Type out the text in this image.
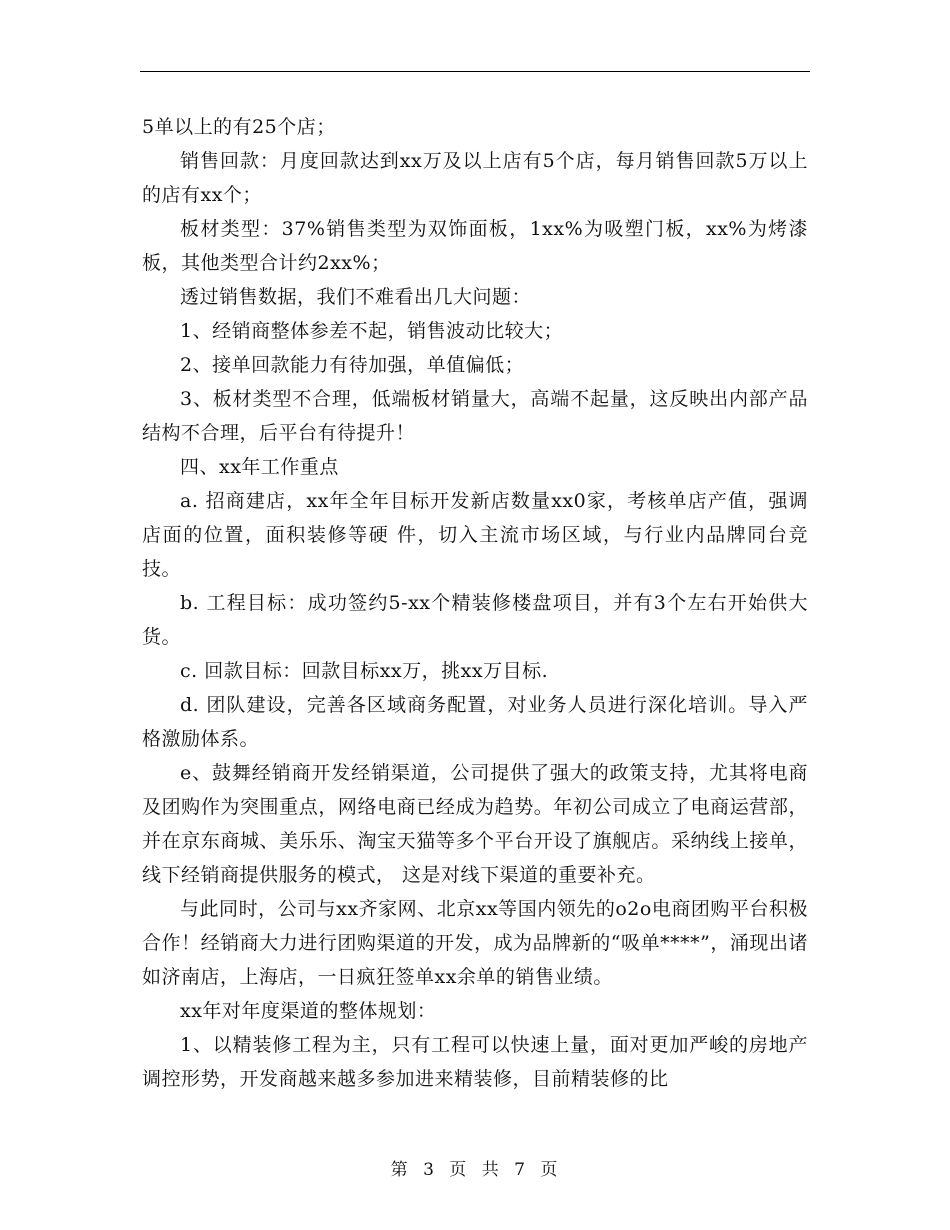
5单以上的有25个店；

销售回款：月度回款达到xx万及以上店有5个店，每月销售回款5万以上的店有xx个；

板材类型：37%销售类型为双饰面板，1xx%为吸塑门板，xx%为烤漆板，其他类型合计约2xx%；

透过销售数据，我们不难看出几大问题：

1、经销商整体参差不起，销售波动比较大；

2、接单回款能力有待加强，单值偏低；

3、板材类型不合理，低端板材销量大，高端不起量，这反映出内部产品结构不合理，后平台有待提升！

四、xx年工作重点

a. 招商建店，xx年全年目标开发新店数量xx0家，考核单店产值，强调店面的位置，面积装修等硬 件，切入主流市场区域，与行业内品牌同台竞技。

b. 工程目标：成功签约5-xx个精装修楼盘项目，并有3个左右开始供大货。

c. 回款目标：回款目标xx万，挑xx万目标.

d. 团队建设，完善各区域商务配置，对业务人员进行深化培训。导入严格激励体系。

e、鼓舞经销商开发经销渠道，公司提供了强大的政策支持，尤其将电商及团购作为突围重点，网络电商已经成为趋势。年初公司成立了电商运营部，并在京东商城、美乐乐、淘宝天猫等多个平台开设了旗舰店。采纳线上接单，线下经销商提供服务的模式， 这是对线下渠道的重要补充。

与此同时，公司与xx齐家网、北京xx等国内领先的o2o电商团购平台积极合作！经销商大力进行团购渠道的开发，成为品牌新的“吸单****”，涌现出诸如济南店，上海店，一日疯狂签单xx余单的销售业绩。

xx年对年度渠道的整体规划：

1、以精装修工程为主，只有工程可以快速上量，面对更加严峻的房地产调控形势，开发商越来越多参加进来精装修，目前精装修的比

第 3 页 共 7 页
